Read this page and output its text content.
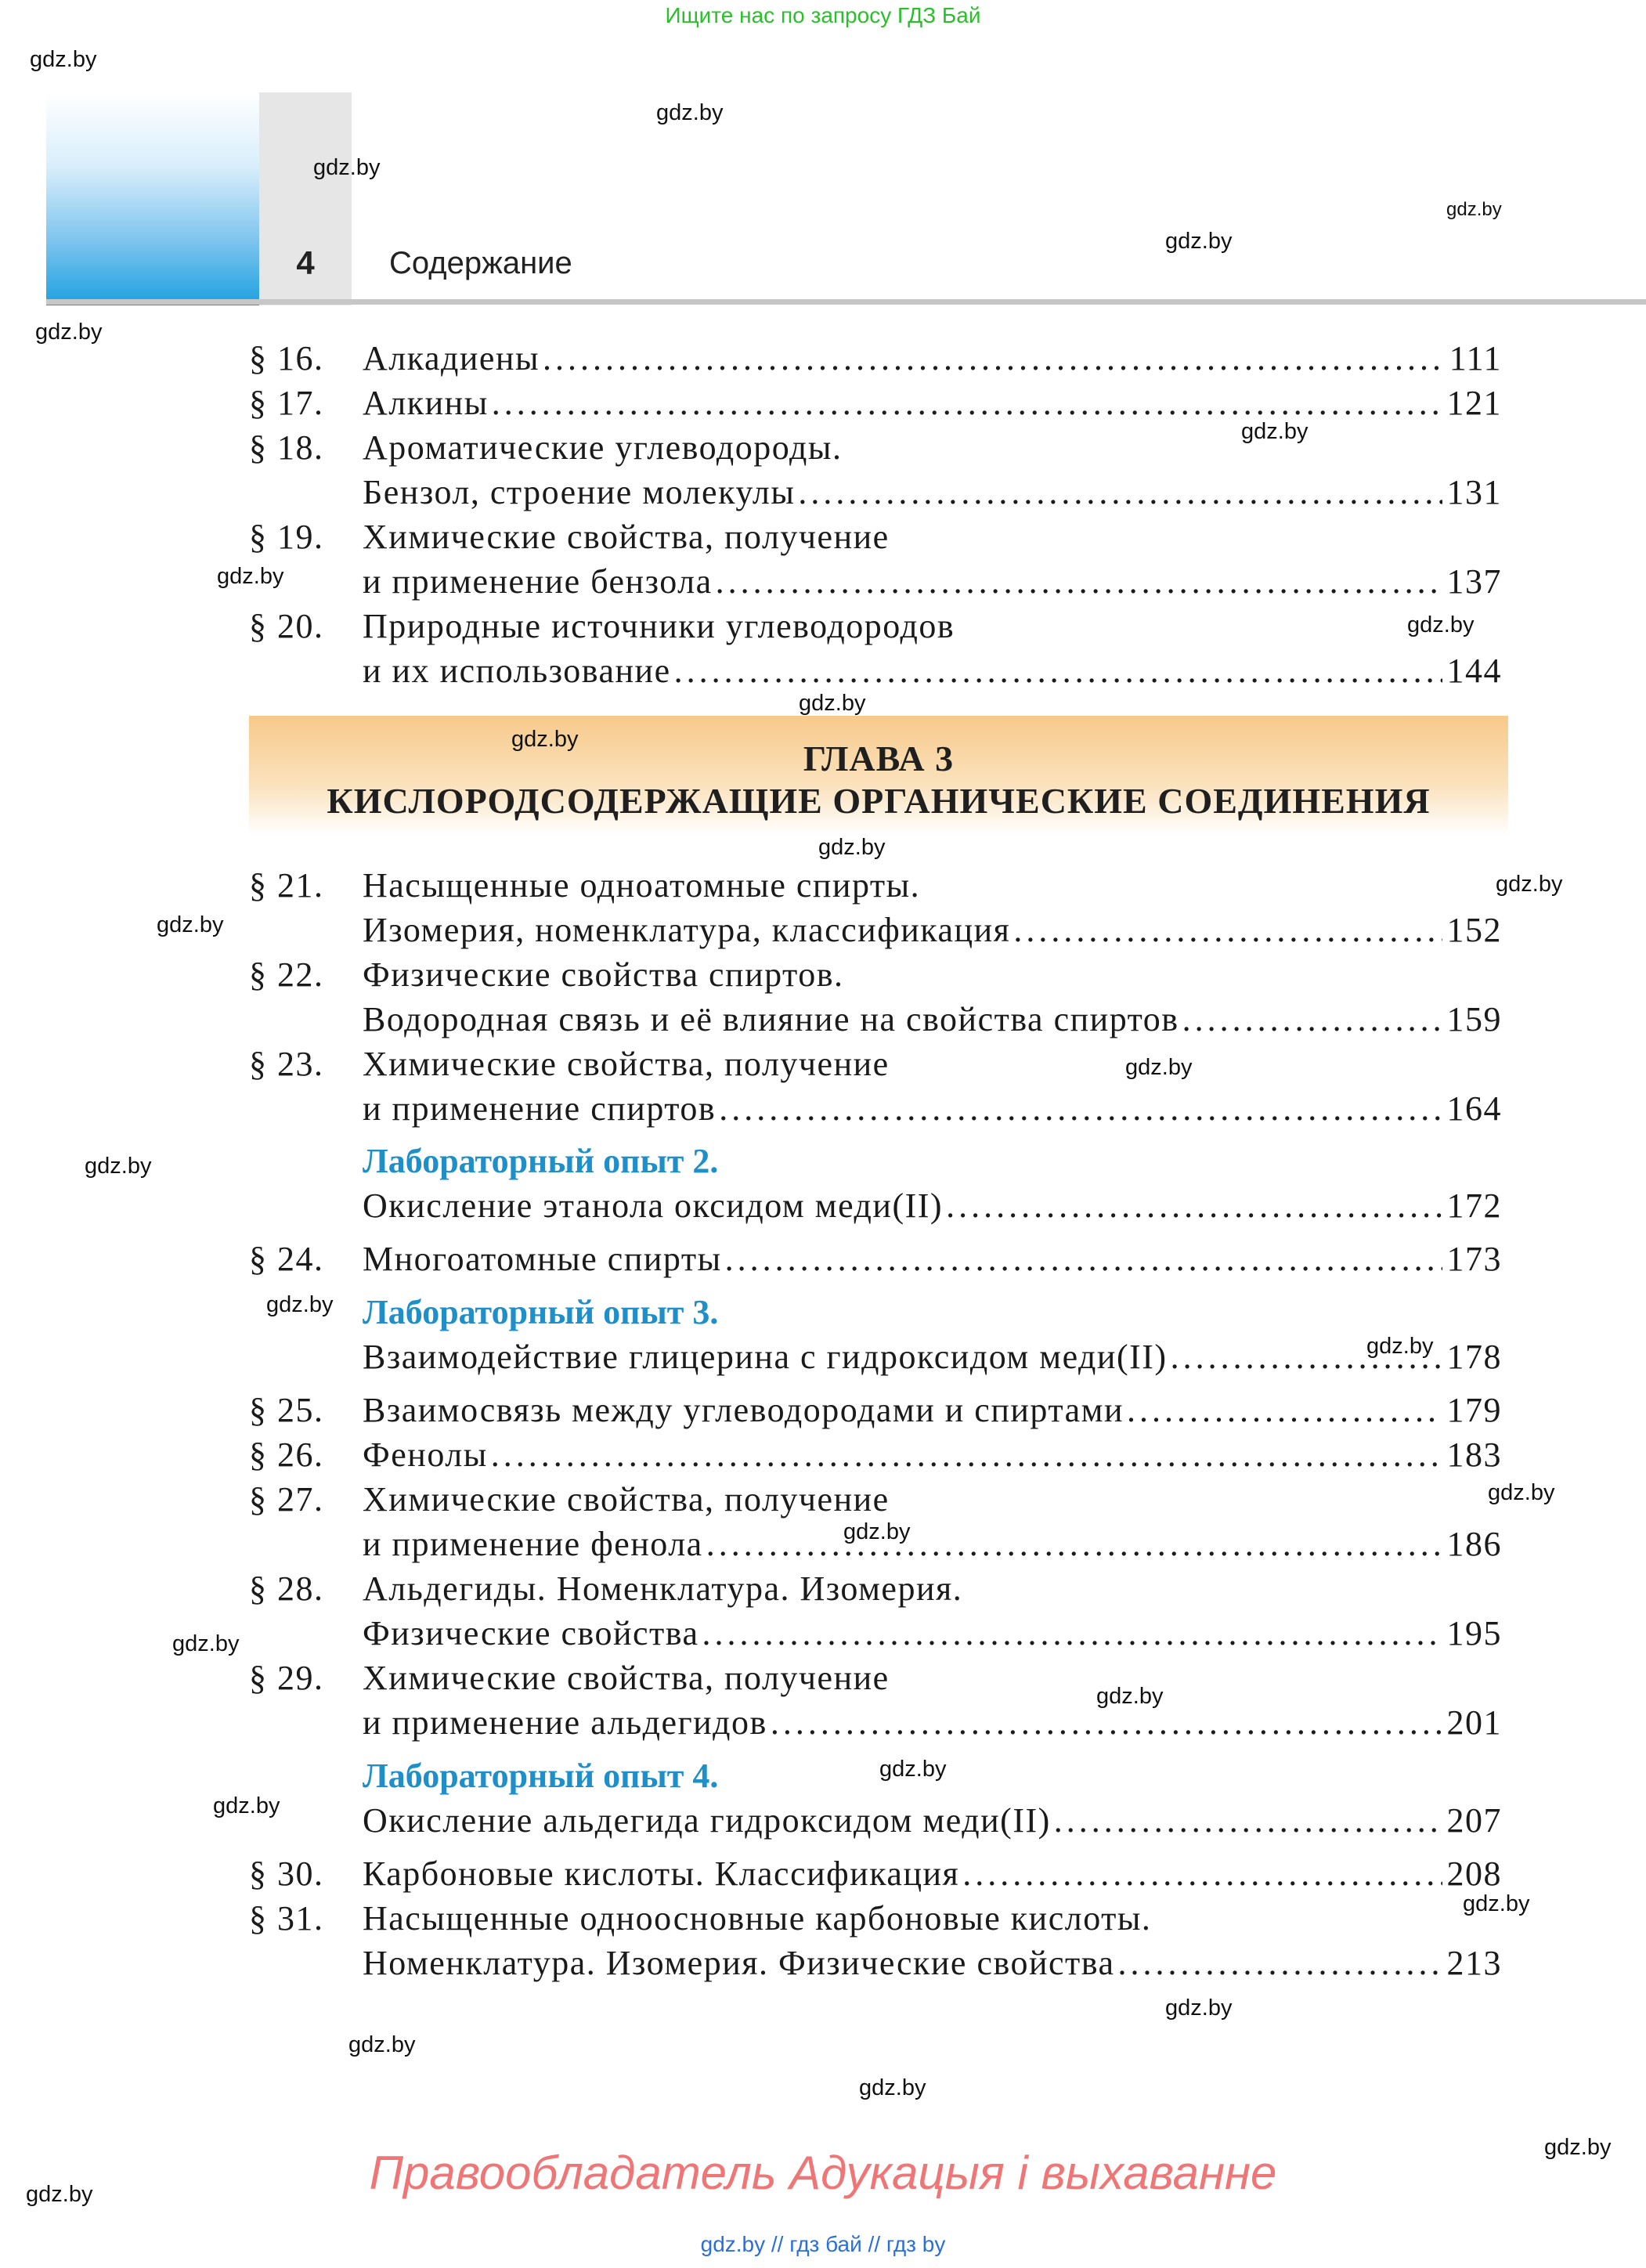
Ищите нас по запросу ГДЗ Бай
4	Содержание
§ 16. Алкадиены . . .	111
§ 17. Алкины . . .	121
§ 18. Ароматические углеводороды.
Бензол, строение молекулы . . .	131
§ 19. Химические свойства, получение
и применение бензола . . .	137
§ 20. Природные источники углеводородов
и их использование . . .	144
ГЛАВА 3
КИСЛОРОДСОДЕРЖАЩИЕ ОРГАНИЧЕСКИЕ СОЕДИНЕНИЯ
§ 21. Насыщенные одноатомные спирты.
Изомерия, номенклатура, классификация . . .	152
§ 22. Физические свойства спиртов.
Водородная связь и её влияние на свойства спиртов . . .	159
§ 23. Химические свойства, получение
и применение спиртов . . .	164
Лабораторный опыт 2.
Окисление этанола оксидом меди(II) . . .	172
§ 24. Многоатомные спирты . . .	173
Лабораторный опыт 3.
Взаимодействие глицерина с гидроксидом меди(II) . . .	178
§ 25. Взаимосвязь между углеводородами и спиртами . . .	179
§ 26. Фенолы . . .	183
§ 27. Химические свойства, получение
и применение фенола . . .	186
§ 28. Альдегиды. Номенклатура. Изомерия.
Физические свойства . . .	195
§ 29. Химические свойства, получение
и применение альдегидов . . .	201
Лабораторный опыт 4.
Окисление альдегида гидроксидом меди(II) . . .	207
§ 30. Карбоновые кислоты. Классификация . . .	208
§ 31. Насыщенные одноосновные карбоновые кислоты.
Номенклатура. Изомерия. Физические свойства . . .	213
gdz.by
gdz.by
gdz.by
gdz.by
gdz.by
gdz.by
gdz.by
gdz.by
gdz.by
gdz.by
gdz.by
gdz.by
gdz.by
gdz.by
gdz.by
gdz.by
gdz.by
gdz.by
gdz.by
gdz.by
gdz.by
gdz.by
gdz.by
gdz.by
gdz.by
gdz.by
gdz.by
gdz.by
gdz.by
gdz.by	Правообладатель Адукацыя і выхаванне
gdz.by // гдз бай // гдз by
